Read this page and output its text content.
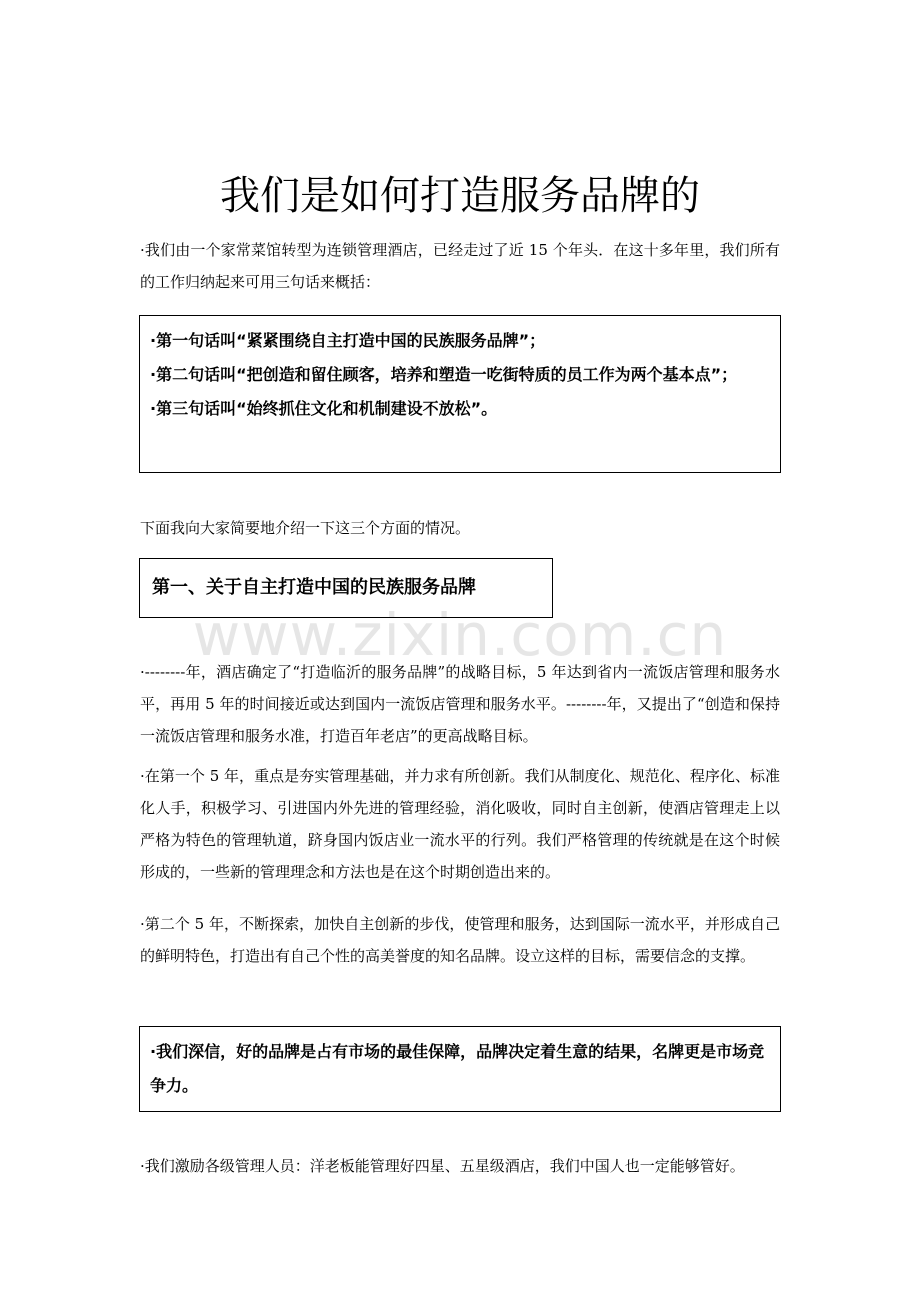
www.zixin.com.cn
我们是如何打造服务品牌的

·我们由一个家常菜馆转型为连锁管理酒店，已经走过了近 15 个年头．在这十多年里，我们所有的工作归纳起来可用三句话来概括：

·第一句话叫“紧紧围绕自主打造中国的民族服务品牌”；

·第二句话叫“把创造和留住顾客，培养和塑造一吃街特质的员工作为两个基本点”；

·第三句话叫“始终抓住文化和机制建设不放松”。

下面我向大家简要地介绍一下这三个方面的情况。

第一、关于自主打造中国的民族服务品牌

·--------年，酒店确定了“打造临沂的服务品牌”的战略目标，5 年达到省内一流饭店管理和服务水平，再用 5 年的时间接近或达到国内一流饭店管理和服务水平。--------年，又提出了“创造和保持一流饭店管理和服务水准，打造百年老店”的更高战略目标。

·在第一个 5 年，重点是夯实管理基础，并力求有所创新。我们从制度化、规范化、程序化、标准化人手，积极学习、引进国内外先进的管理经验，消化吸收，同时自主创新，使酒店管理走上以严格为特色的管理轨道，跻身国内饭店业一流水平的行列。我们严格管理的传统就是在这个时候形成的，一些新的管理理念和方法也是在这个时期创造出来的。

·第二个 5 年，不断探索，加快自主创新的步伐，使管理和服务，达到国际一流水平，并形成自己的鲜明特色，打造出有自己个性的高美誉度的知名品牌。设立这样的目标，需要信念的支撑。

·我们深信，好的品牌是占有市场的最佳保障，品牌决定着生意的结果，名牌更是市场竞争力。

·我们激励各级管理人员：洋老板能管理好四星、五星级酒店，我们中国人也一定能够管好。
